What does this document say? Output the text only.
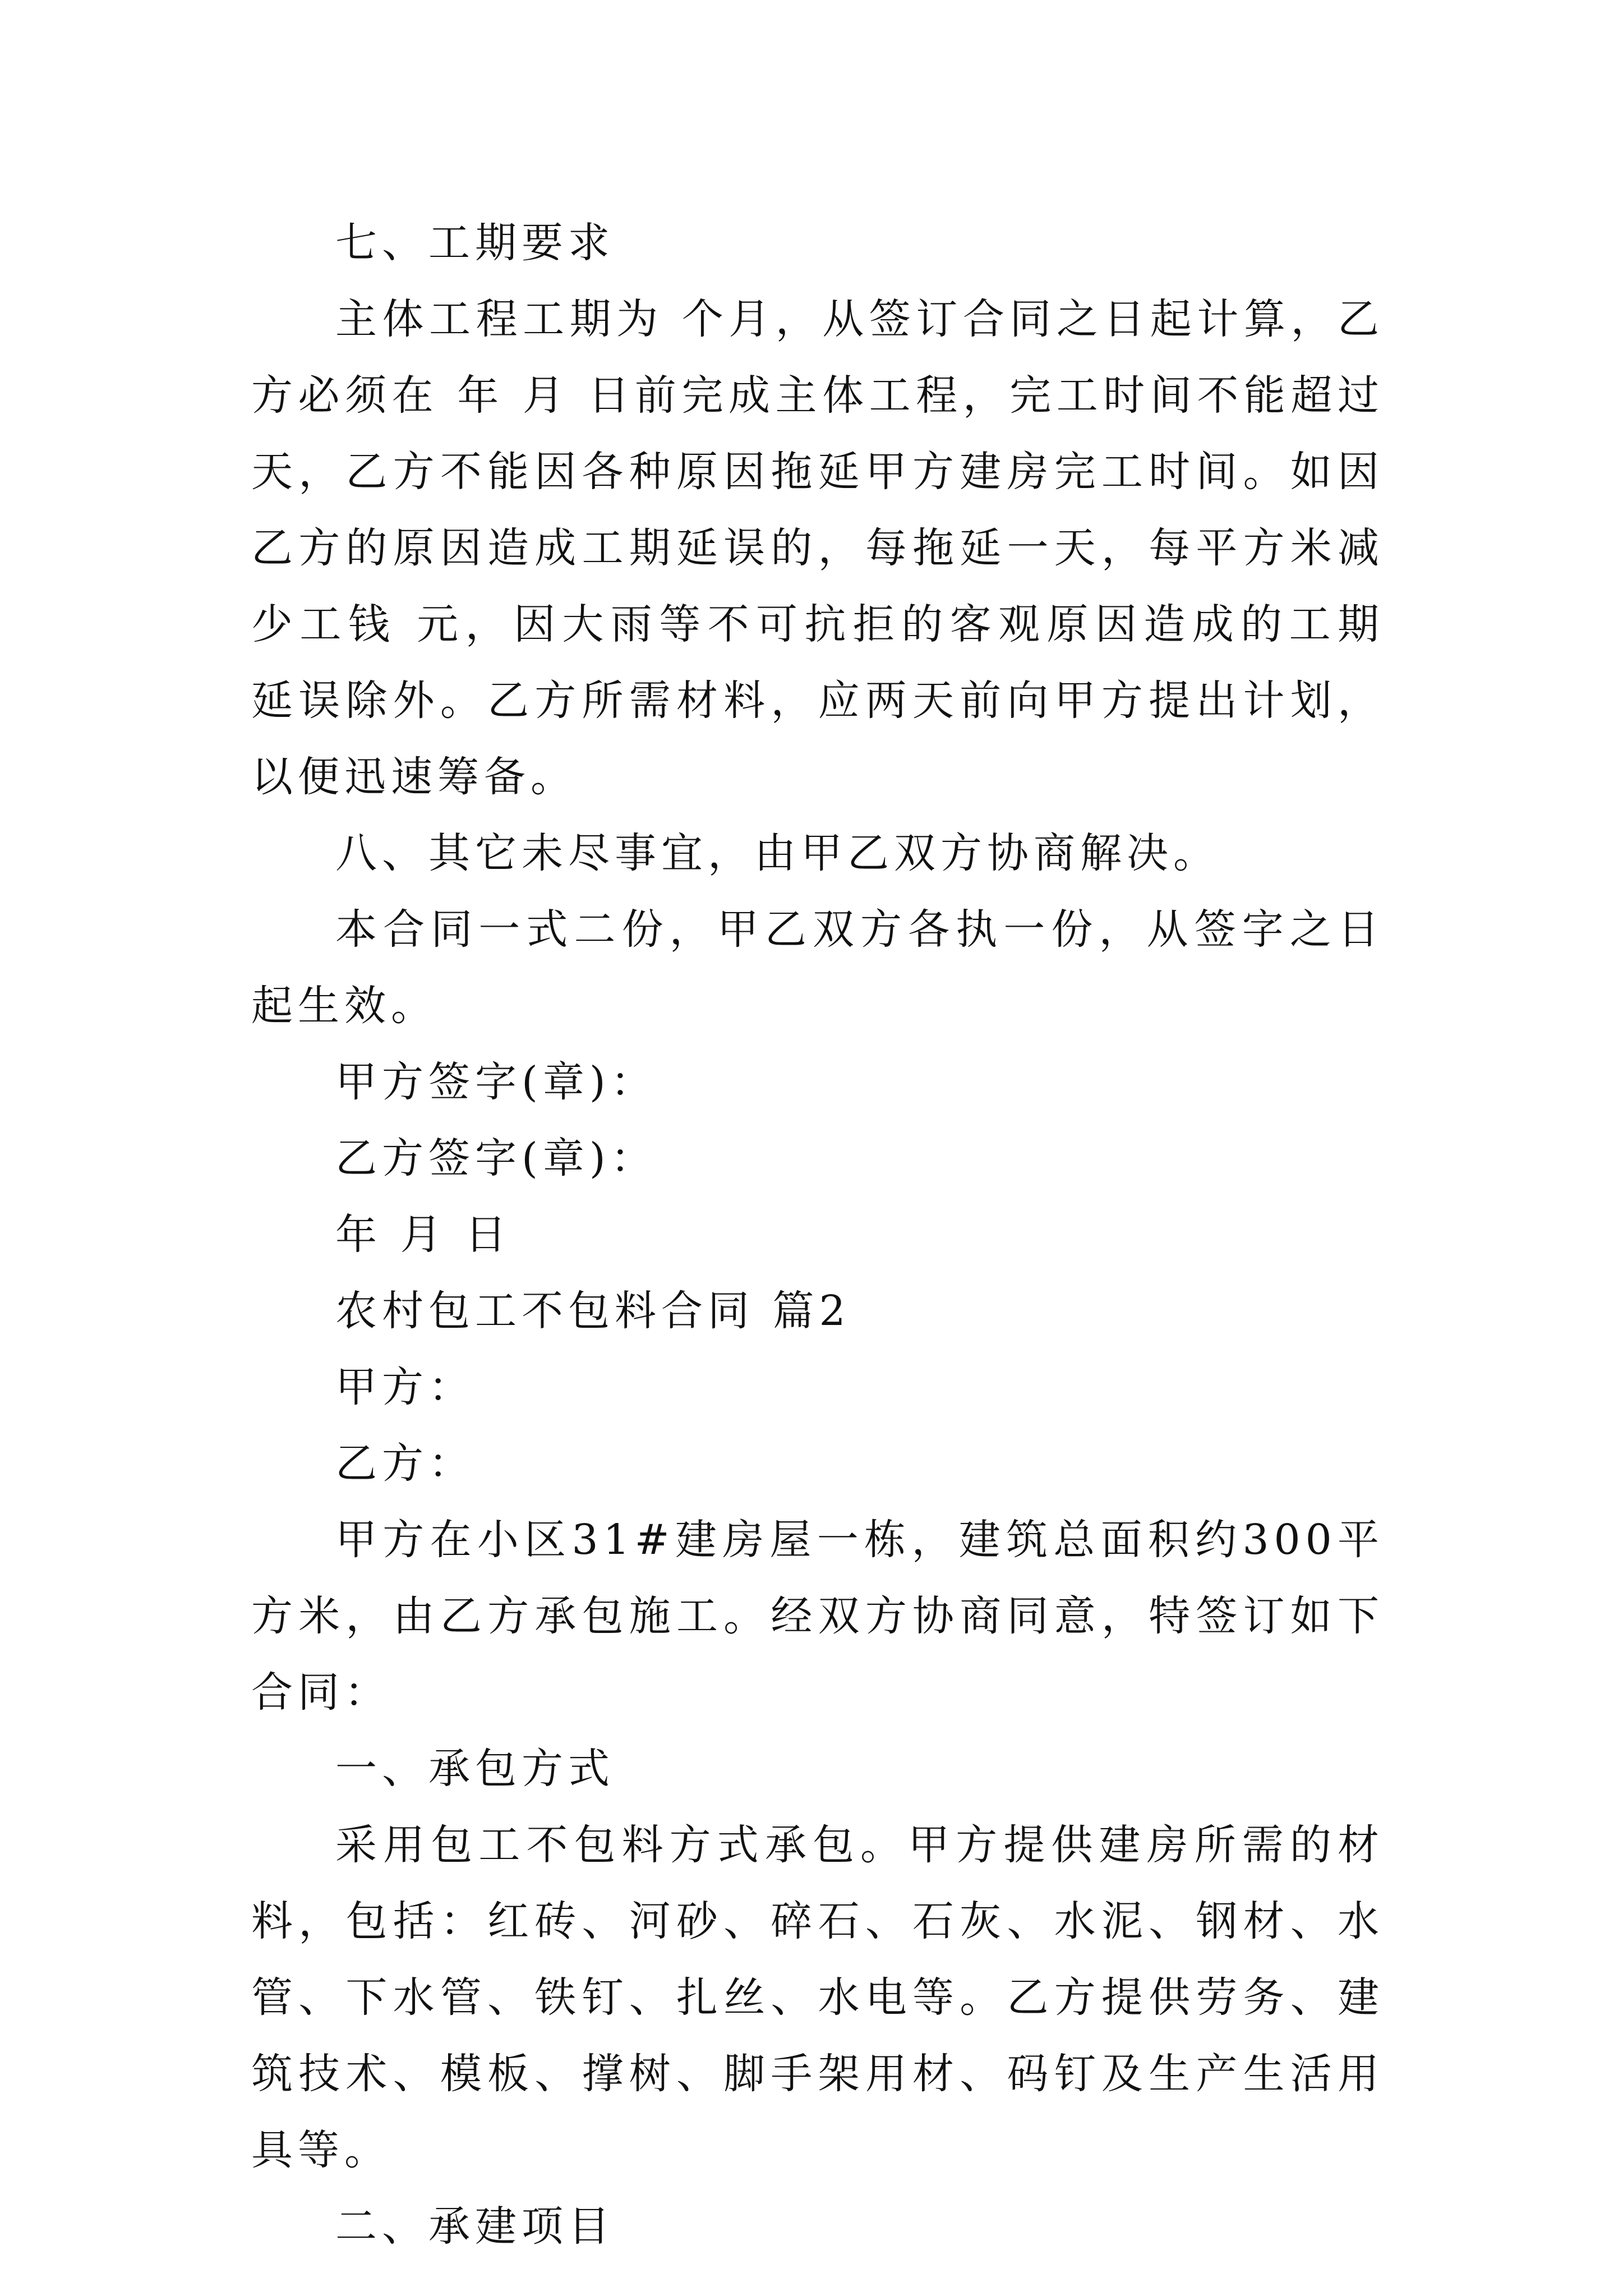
七、工期要求

主体工程工期为 个月，从签订合同之日起计算，乙方必须在 年 月 日前完成主体工程，完工时间不能超过 天，乙方不能因各种原因拖延甲方建房完工时间。如因乙方的原因造成工期延误的，每拖延一天，每平方米减少工钱 元，因大雨等不可抗拒的客观原因造成的工期延误除外。乙方所需材料，应两天前向甲方提出计划，以便迅速筹备。

八、其它未尽事宜，由甲乙双方协商解决。

本合同一式二份，甲乙双方各执一份，从签字之日起生效。

甲方签字(章)：

乙方签字(章)：

年 月 日

农村包工不包料合同 篇2

甲方：

乙方：

甲方在小区31#建房屋一栋，建筑总面积约300平方米，由乙方承包施工。经双方协商同意，特签订如下合同：

一、承包方式

采用包工不包料方式承包。甲方提供建房所需的材料，包括：红砖、河砂、碎石、石灰、水泥、钢材、水管、下水管、铁钉、扎丝、水电等。乙方提供劳务、建筑技术、模板、撑树、脚手架用材、码钉及生产生活用具等。

二、承建项目
